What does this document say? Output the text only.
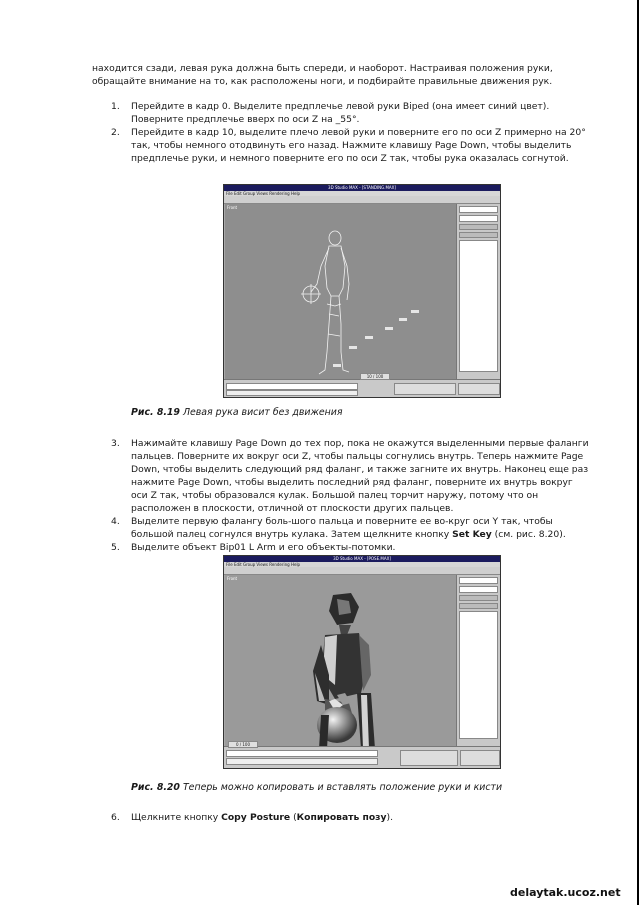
находится сзади, левая рука должна быть спереди, и наоборот. Настраивая положения руки, обращайте внимание на то, как расположены ноги, и подбирайте правильные движения рук.

1. Перейдите в кадр 0. Выделите предплечье левой руки Biped (она имеет синий цвет). Поверните предплечье вверх по оси Z на _55°.
2. Перейдите в кадр 10, выделите плечо левой руки и поверните его по оси Z примерно на 20° так, чтобы немного отодвинуть его назад. Нажмите клавишу Page Down, чтобы выделить предплечье руки, и немного поверните его по оси Z так, чтобы рука оказалась согнутой.
3D Studio MAX - [STANDING.MAX]
File Edit Group Views Rendering Help
Front
10 / 100
Рис. 8.19 Левая рука висит без движения
3. Нажимайте клавишу Page Down до тех пор, пока не окажутся выделенными первые фаланги пальцев. Поверните их вокруг оси Z, чтобы пальцы согнулись внутрь. Теперь нажмите Page Down, чтобы выделить следующий ряд фаланг, и также загните их внутрь. Наконец еще раз нажмите Page Down, чтобы выделить последний ряд фаланг, поверните их внутрь вокруг оси Z так, чтобы образовался кулак. Большой палец торчит наружу, потому что он расположен в плоскости, отличной от плоскости других пальцев.
4. Выделите первую фалангу боль-шого пальца и поверните ее во-круг оси Y так, чтобы большой палец согнулся внутрь кулака. Затем щелкните кнопку Set Key (см. рис. 8.20).
5. Выделите объект Bip01 L Arm и его объекты-потомки.
3D Studio MAX - [POSE.MAX]
File Edit Group Views Rendering Help
Front
0 / 100
Рис. 8.20 Теперь можно копировать и вставлять положение руки и кисти
6. Щелкните кнопку Copy Posture (Копировать позу).
delaytak.ucoz.net
